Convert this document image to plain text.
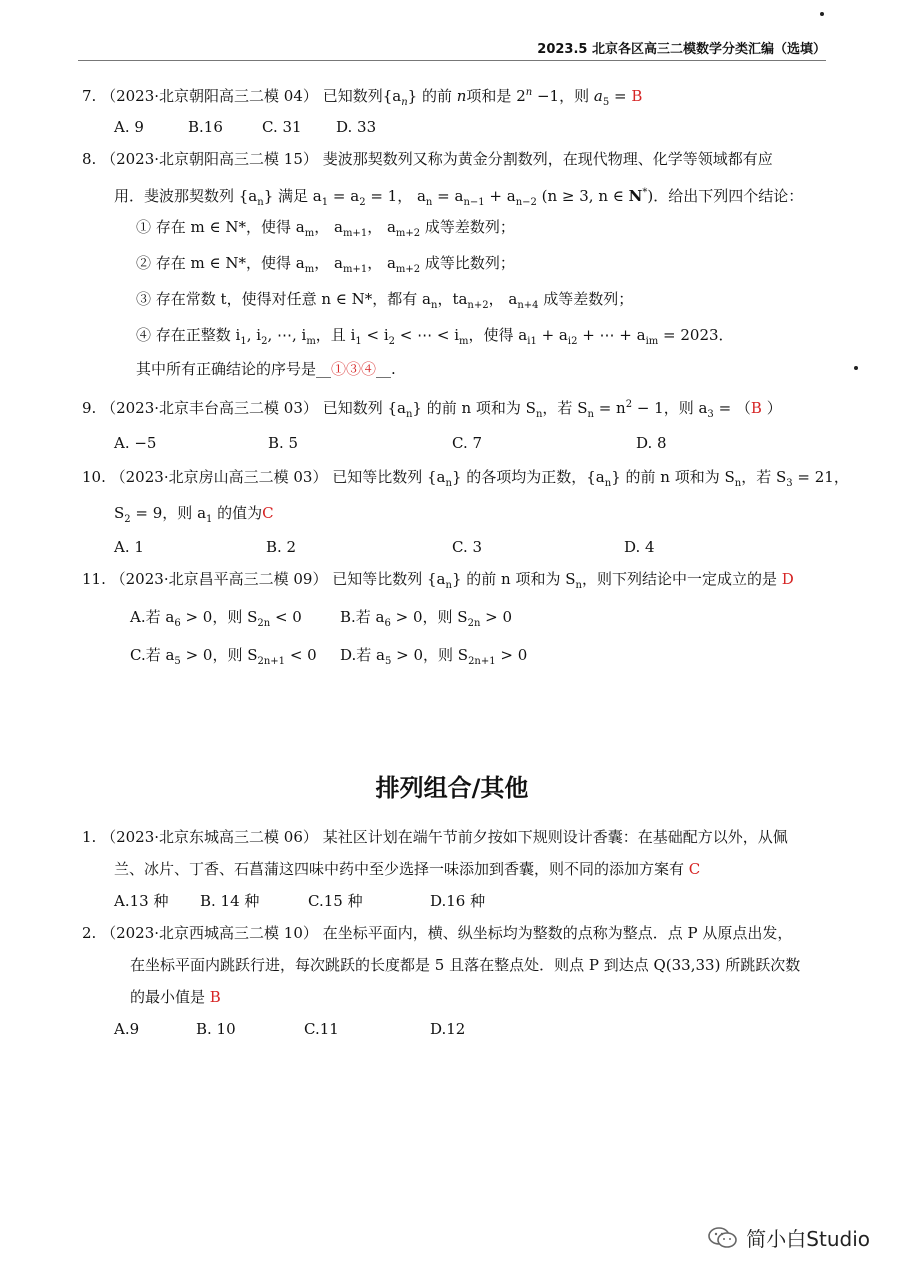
2023.5 北京各区高三二模数学分类汇编（选填）
7. （2023·北京朝阳高三二模 04） 已知数列$\{a_n\}$ 的前 n项和是 $2^n -1$，则 $a_5 = B$
A. 9	B.16	C. 31 D. 33
8. （2023·北京朝阳高三二模 15） 斐波那契数列又称为黄金分割数列，在现代物理、化学等领域都有应
用．斐波那契数列 $\{a_n\}$ 满足 $a_1 = a_2 = 1$， $a_n = a_{n-1} + a_{n-2}$ (n ≥ 3, n ∈ N*)．给出下列四个结论：
① 存在 m ∈ N*，使得 $a_m$， $a_{m+1}$， $a_{m+2}$ 成等差数列；
② 存在 m ∈ N*，使得 $a_m$， $a_{m+1}$， $a_{m+2}$ 成等比数列；
③ 存在常数 t，使得对任意 n ∈ N*，都有 $a_n$，$ta_{n+2}$， $a_{n+4}$ 成等差数列；
④ 存在正整数 $i_1$, $i_2$, ⋯, $i_m$，且 $i_1 < i_2$ < ⋯ < $i_m$，使得 $a_{i1} + a_{i2}$ + ⋯ + $a_{im} = 2023$．
其中所有正确结论的序号是__①③④__.
9. （2023·北京丰台高三二模 03） 已知数列 $\{a_n\}$ 的前 n 项和为 $S_n$，若 $S_n = n^2 - 1$，则 $a_3 = (B$ ）
A. −5	B. 5	C. 7	D. 8
10. （2023·北京房山高三二模 03） 已知等比数列 $\{a_n\}$ 的各项均为正数，$\{a_n\}$ 的前 n 项和为 $S_n$，若 $S_3 = 21$，
$S_2 = 9$，则 $a_1$ 的值为C
A. 1	B. 2	C. 3	D. 4
11. （2023·北京昌平高三二模 09） 已知等比数列 $\{a_n\}$ 的前 n 项和为 $S_n$，则下列结论中一定成立的是 D
A.若 $a_6 > 0$，则 $S_{2n} < 0$	B.若 $a_6 > 0$，则 $S_{2n} > 0$
C.若 $a_5 > 0$，则 $S_{2n+1} < 0$ D.若 $a_5 > 0$，则 $S_{2n+1} > 0$
排列组合/其他
1. （2023·北京东城高三二模 06） 某社区计划在端午节前夕按如下规则设计香囊：在基础配方以外，从佩
兰、冰片、丁香、石菖蒲这四味中药中至少选择一味添加到香囊，则不同的添加方案有 C
A.13 种 B. 14 种	C.15 种	D.16 种
2. （2023·北京西城高三二模 10） 在坐标平面内，横、纵坐标均为整数的点称为整点．点 P 从原点出发，
在坐标平面内跳跃行进，每次跳跃的长度都是 5 且落在整点处．则点 P 到达点 Q(33,33) 所跳跃次数
的最小值是 B
A.9	B. 10	C.11	D.12
简小白Studio
